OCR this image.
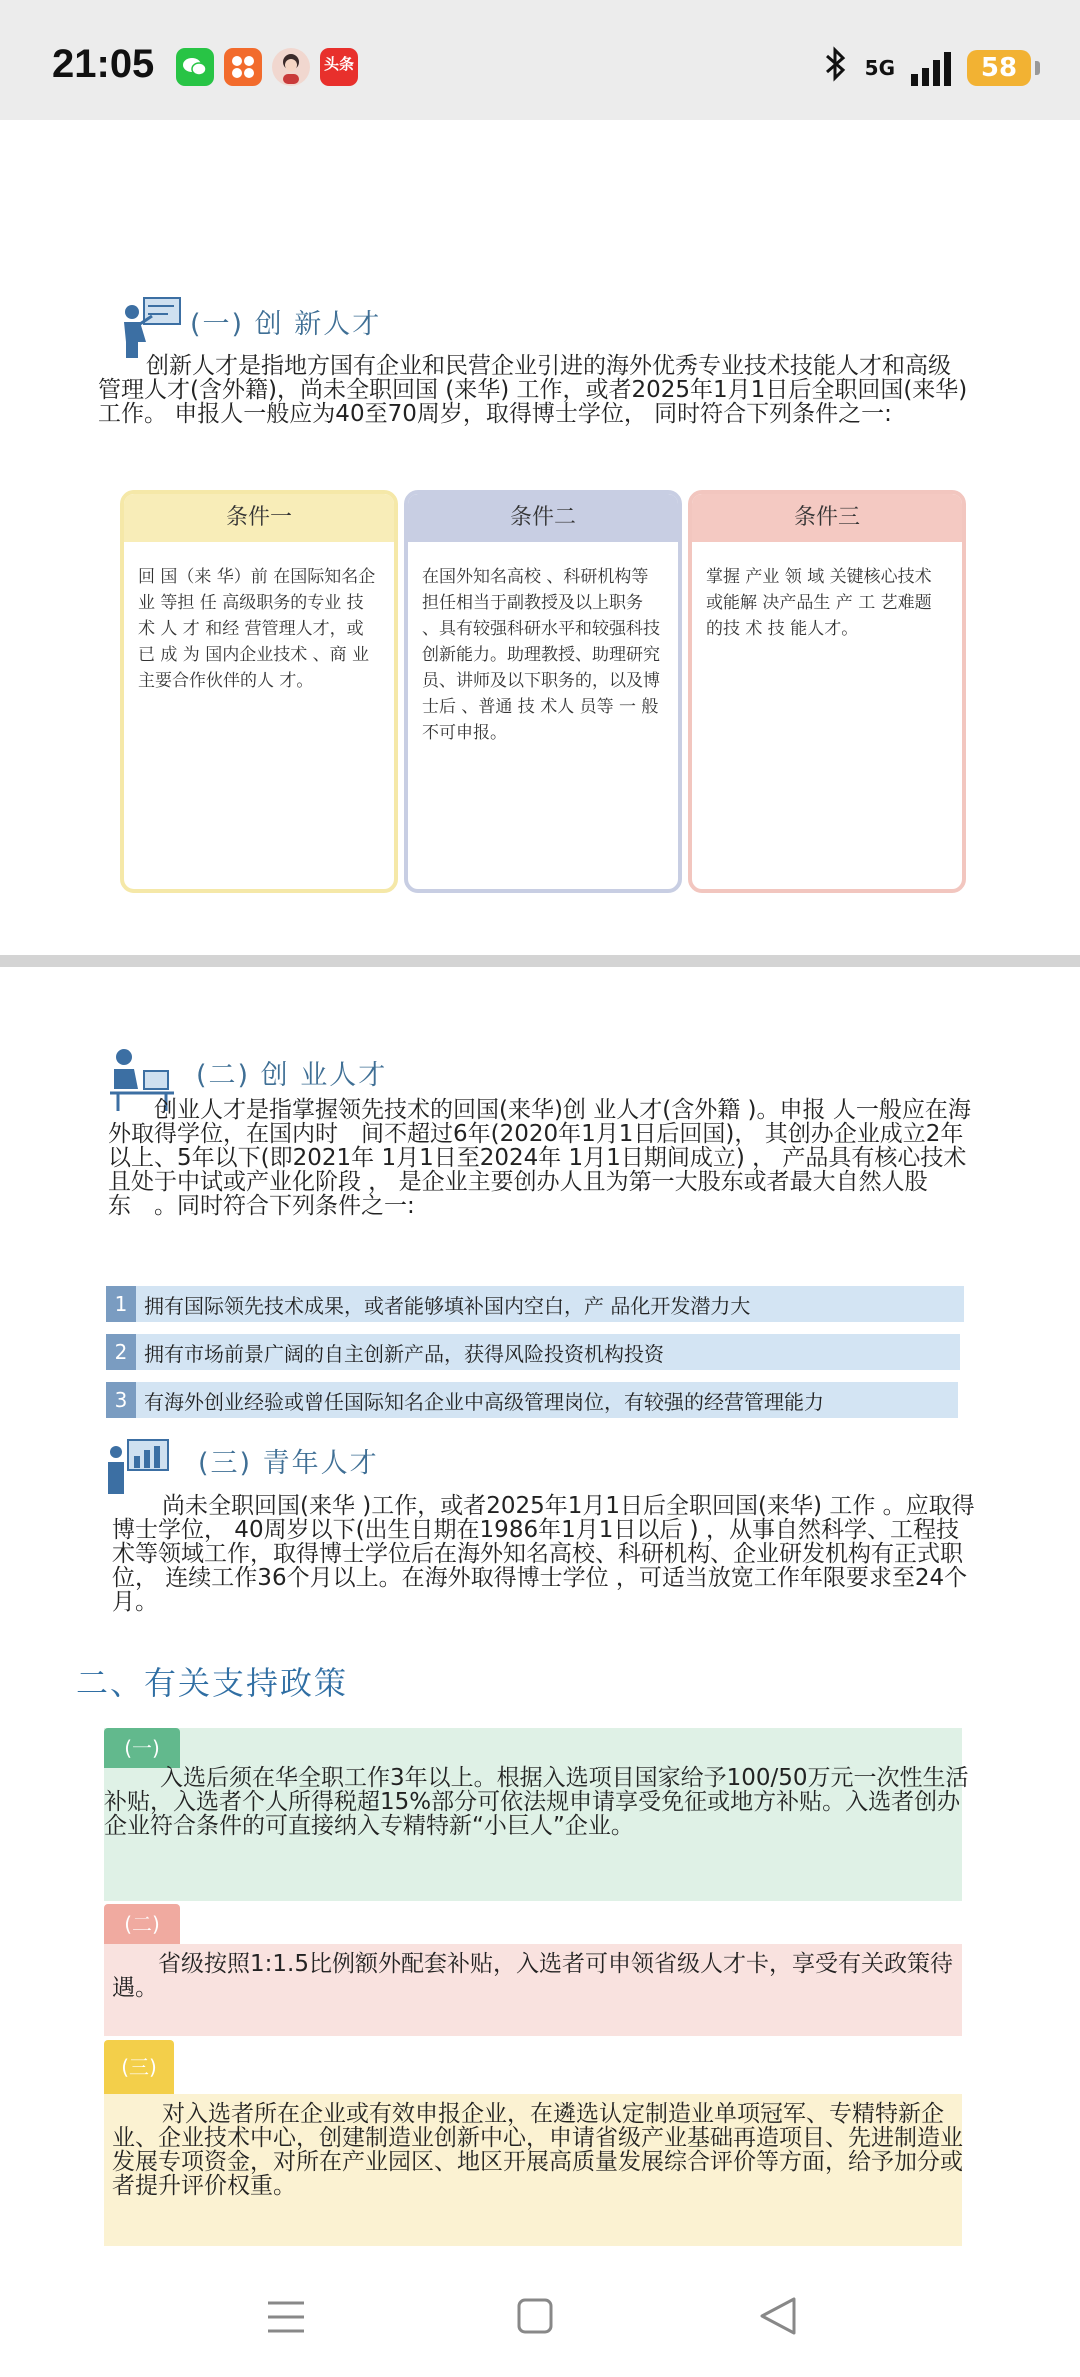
21:05	头条	5G	58
(一) 创 新人才

创新人才是指地方国有企业和民营企业引进的海外优秀专业技术技能人才和高级管理人才(含外籍)，尚未全职回国 (来华) 工作，或者2025年1月1日后全职回国(来华)工作。 申报人一般应为40至70周岁，取得博士学位， 同时符合下列条件之一:

条件一
回 国（来 华）前 在国际知名企业 等担 任 高级职务的专业 技术 人 才 和经 营管理人才，或 已 成 为 国内企业技术 、商 业主要合作伙伴的人 才。
条件二
在国外知名高校 、科研机构等担任相当于副教授及以上职务 、具有较强科研水平和较强科技创新能力。助理教授、助理研究员、讲师及以下职务的，以及博士后 、普通 技 术人 员等 一 般不可申报。
条件三
掌握 产业 领 域 关键核心技术或能解 决产品生 产 工 艺难题的技 术 技 能人才。
(二) 创 业人才

创业人才是指掌握领先技术的回国(来华)创 业人才(含外籍 )。申报 人一般应在海外取得学位，在国内时　间不超过6年(2020年1月1日后回国)， 其创办企业成立2年以上、5年以下(即2021年 1月1日至2024年 1月1日期间成立) ， 产品具有核心技术且处于中试或产业化阶段 ， 是企业主要创办人且为第一大股东或者最大自然人股东　。同时符合下列条件之一:

1 拥有国际领先技术成果，或者能够填补国内空白，产 品化开发潜力大
2 拥有市场前景广阔的自主创新产品，获得风险投资机构投资
3 有海外创业经验或曾任国际知名企业中高级管理岗位，有较强的经营管理能力
(三) 青年人才

尚未全职回国(来华 )工作，或者2025年1月1日后全职回国(来华) 工作 。应取得博士学位， 40周岁以下(出生日期在1986年1月1日以后 ) ，从事自然科学、工程技术等领域工作，取得博士学位后在海外知名高校、科研机构、企业研发机构有正式职位， 连续工作36个月以上。在海外取得博士学位 ，可适当放宽工作年限要求至24个月。

二、有关支持政策
(一)

入选后须在华全职工作3年以上。根据入选项目国家给予100/50万元一次性生活补贴，入选者个人所得税超15%部分可依法规申请享受免征或地方补贴。入选者创办企业符合条件的可直接纳入专精特新“小巨人”企业。

(二)

省级按照1:1.5比例额外配套补贴，入选者可申领省级人才卡，享受有关政策待遇。

(三)

对入选者所在企业或有效申报企业，在遴选认定制造业单项冠军、专精特新企业、企业技术中心，创建制造业创新中心，申请省级产业基础再造项目、先进制造业发展专项资金，对所在产业园区、地区开展高质量发展综合评价等方面，给予加分或者提升评价权重。
